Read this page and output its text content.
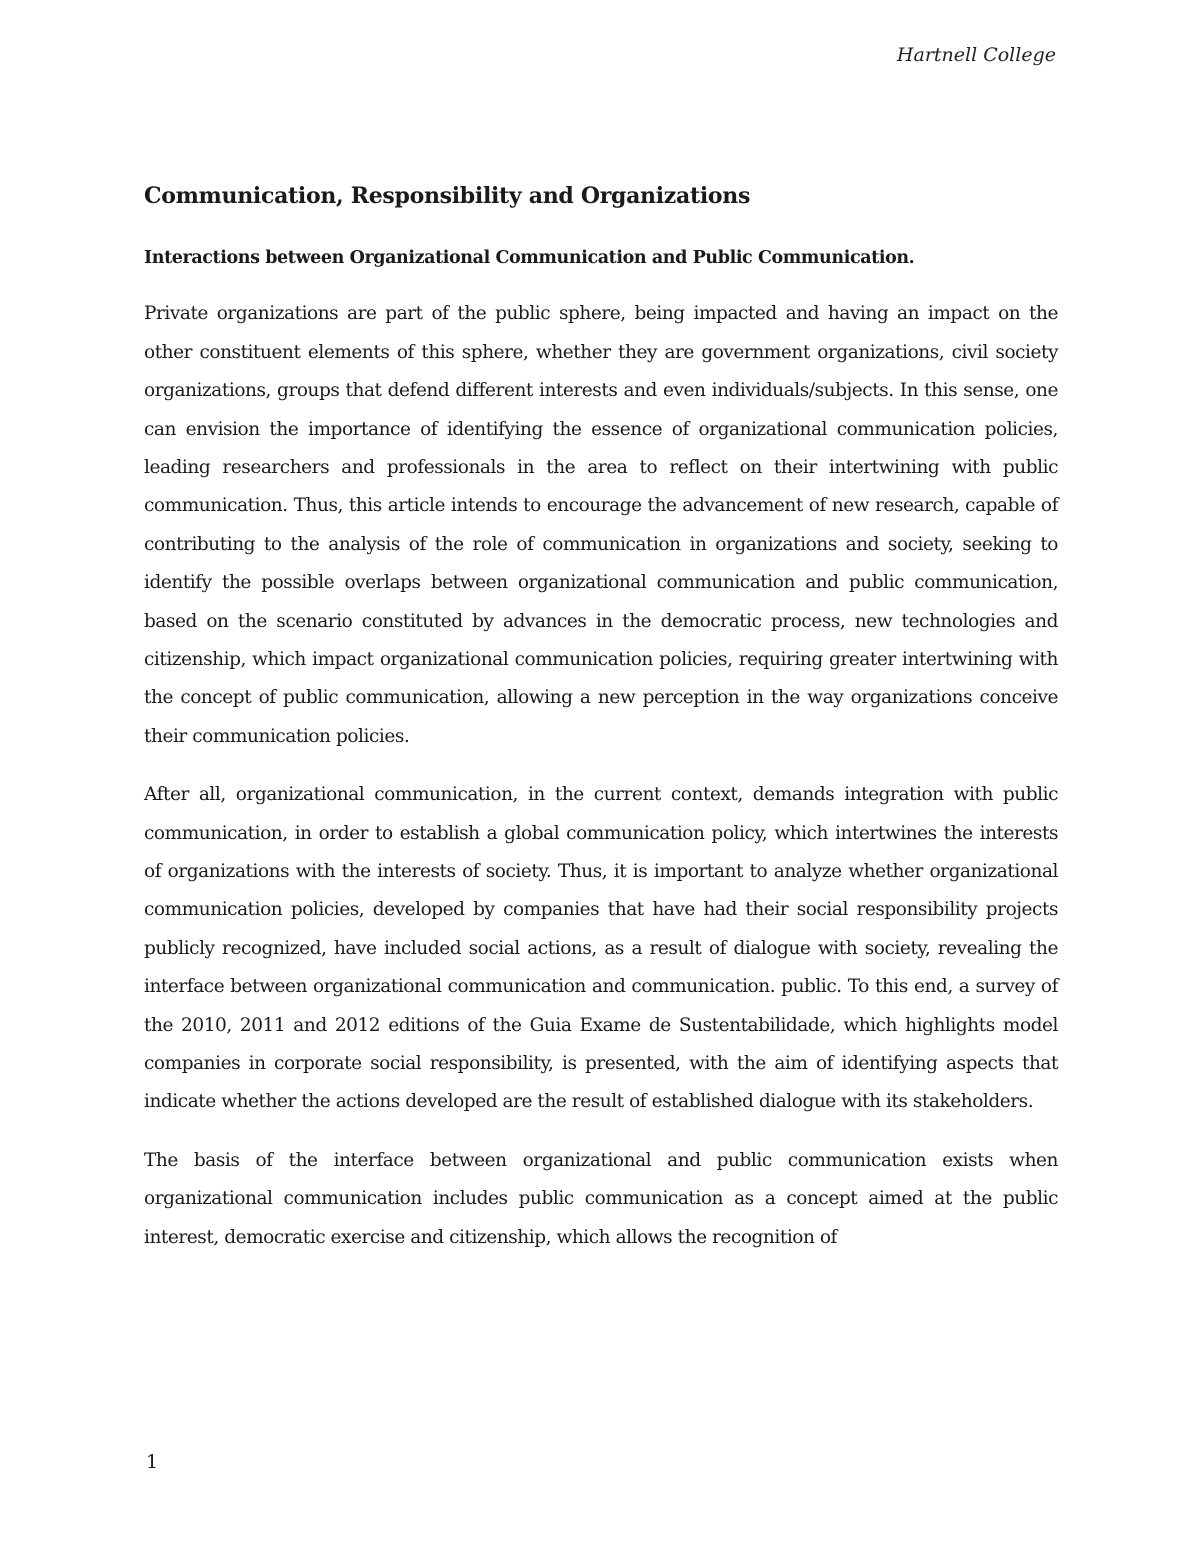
Hartnell College
Communication, Responsibility and Organizations
Interactions between Organizational Communication and Public Communication.

Private organizations are part of the public sphere, being impacted and having an impact on the other constituent elements of this sphere, whether they are government organizations, civil society organizations, groups that defend different interests and even individuals/subjects. In this sense, one can envision the importance of identifying the essence of organizational communication policies, leading researchers and professionals in the area to reflect on their intertwining with public communication. Thus, this article intends to encourage the advancement of new research, capable of contributing to the analysis of the role of communication in organizations and society, seeking to identify the possible overlaps between organizational communication and public communication, based on the scenario constituted by advances in the democratic process, new technologies and citizenship, which impact organizational communication policies, requiring greater intertwining with the concept of public communication, allowing a new perception in the way organizations conceive their communication policies.

After all, organizational communication, in the current context, demands integration with public communication, in order to establish a global communication policy, which intertwines the interests of organizations with the interests of society. Thus, it is important to analyze whether organizational communication policies, developed by companies that have had their social responsibility projects publicly recognized, have included social actions, as a result of dialogue with society, revealing the interface between organizational communication and communication. public. To this end, a survey of the 2010, 2011 and 2012 editions of the Guia Exame de Sustentabilidade, which highlights model companies in corporate social responsibility, is presented, with the aim of identifying aspects that indicate whether the actions developed are the result of established dialogue with its stakeholders.

The basis of the interface between organizational and public communication exists when organizational communication includes public communication as a concept aimed at the public interest, democratic exercise and citizenship, which allows the recognition of

1
